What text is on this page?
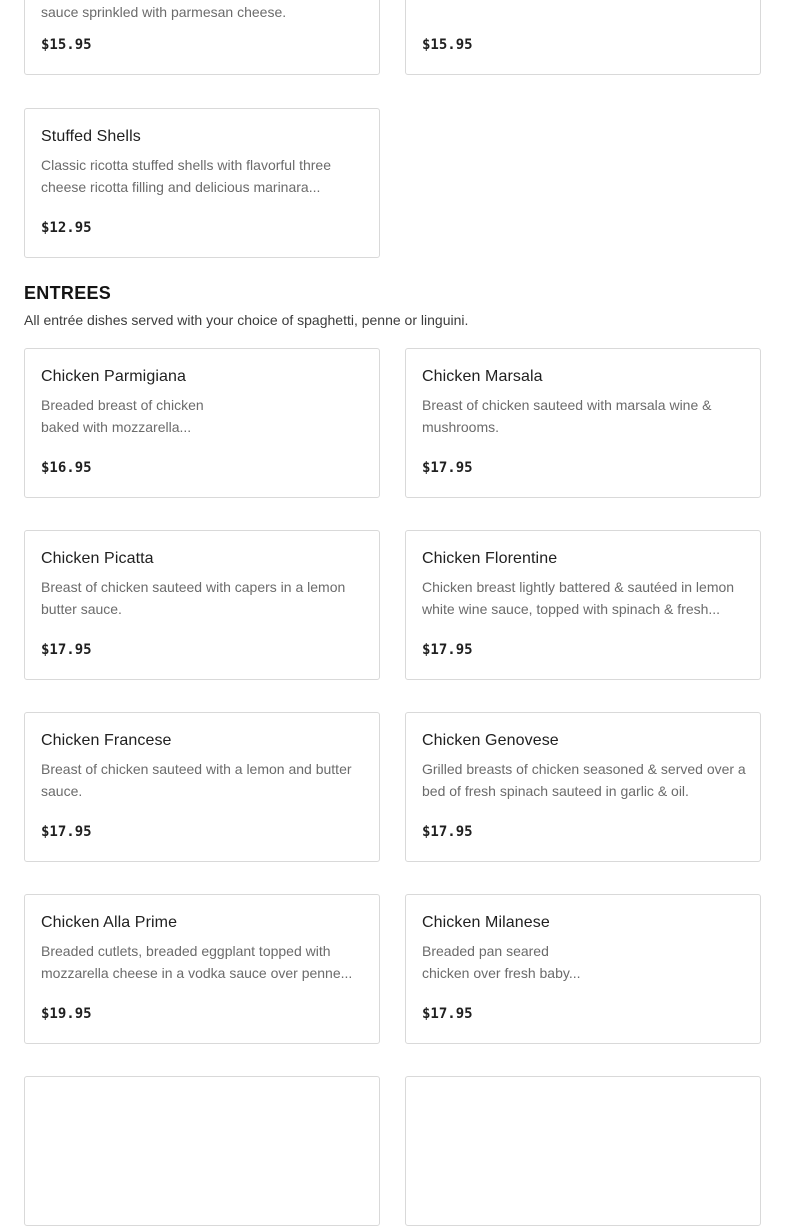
sauce sprinkled with parmesan cheese.
$15.95	$15.95
Stuffed Shells
Classic ricotta stuffed shells with flavorful three cheese ricotta filling and delicious marinara...
$12.95
ENTREES
All entrée dishes served with your choice of spaghetti, penne or linguini.
Chicken Parmigiana
Breaded breast of chicken baked with mozzarella...
$16.95
Chicken Marsala
Breast of chicken sauteed with marsala wine & mushrooms.
$17.95
Chicken Picatta
Breast of chicken sauteed with capers in a lemon butter sauce.
$17.95
Chicken Florentine
Chicken breast lightly battered & sautéed in lemon white wine sauce, topped with spinach & fresh...
$17.95
Chicken Francese
Breast of chicken sauteed with a lemon and butter sauce.
$17.95
Chicken Genovese
Grilled breasts of chicken seasoned & served over a bed of fresh spinach sauteed in garlic & oil.
$17.95
Chicken Alla Prime
Breaded cutlets, breaded eggplant topped with mozzarella cheese in a vodka sauce over penne...
$19.95
Chicken Milanese
Breaded pan seared chicken over fresh baby...
$17.95
